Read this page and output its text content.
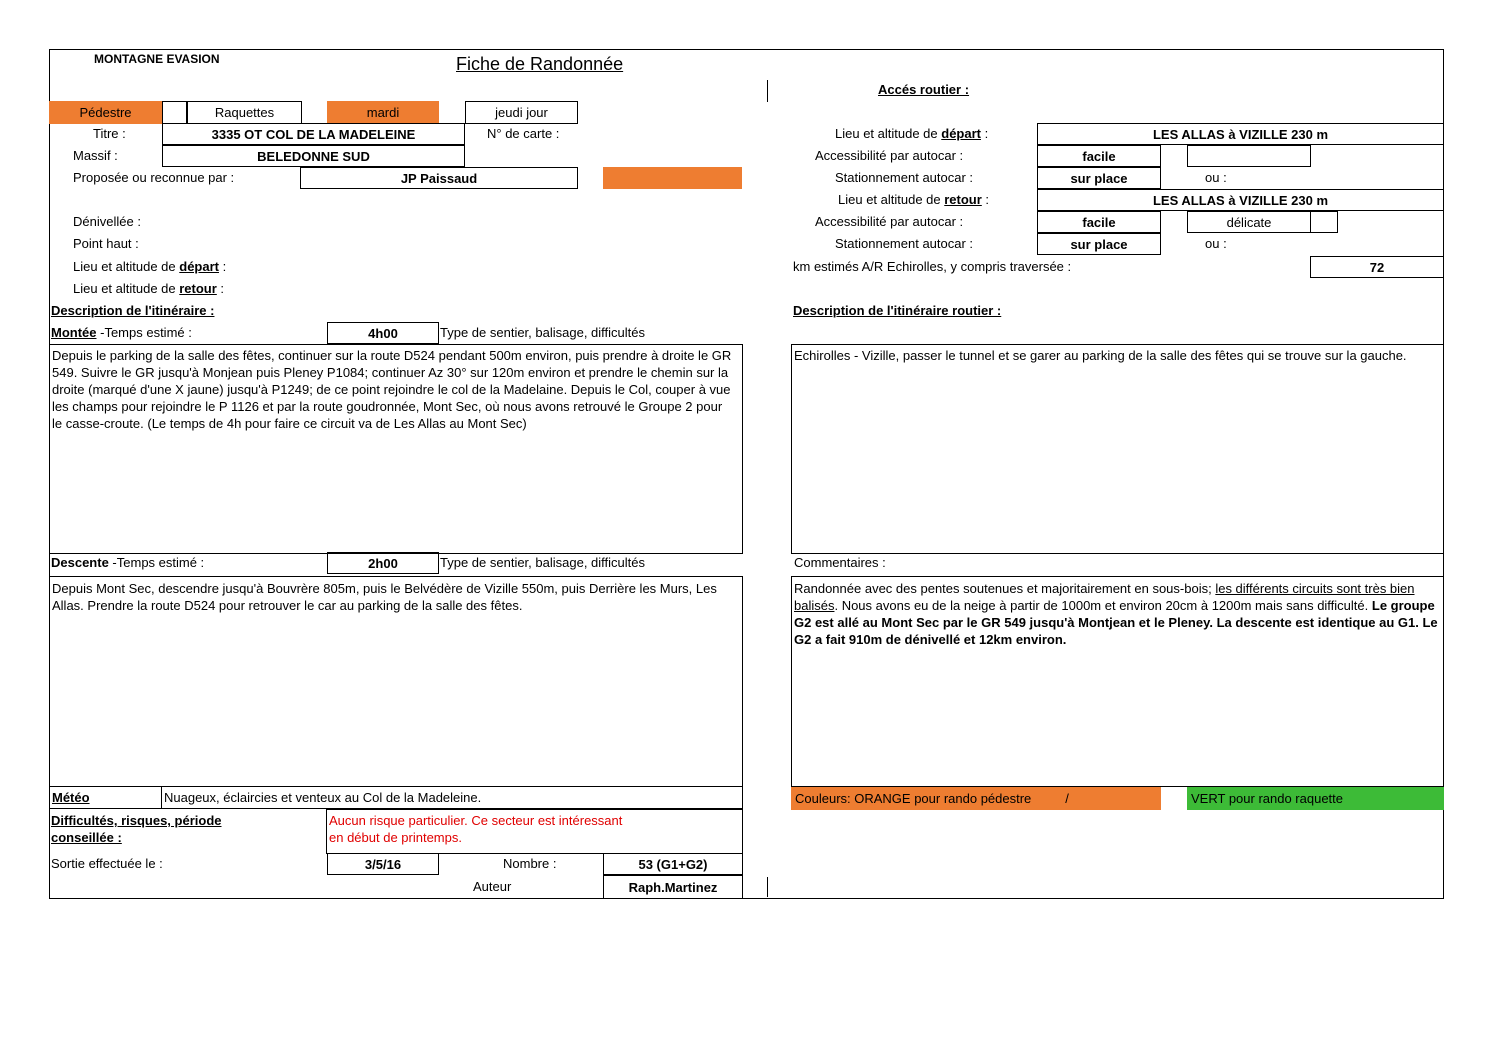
MONTAGNE EVASION	Fiche de Randonnée
Accés routier :
Pédestre	Raquettes	mardi	jeudi jour
Titre :	3335 OT COL DE LA MADELEINE	N° de carte :
Massif :	BELEDONNE SUD
Proposée ou reconnue par :	JP Paissaud
Dénivellée :
Point haut :
Lieu et altitude de départ :
Lieu et altitude de retour :
Lieu et altitude de départ :	LES ALLAS à VIZILLE 230 m
Accessibilité par autocar :	facile
Stationnement autocar :	sur place	ou :
Lieu et altitude de retour :	LES ALLAS à VIZILLE 230 m
Accessibilité par autocar :	facile	délicate
Stationnement autocar :	sur place	ou :
km estimés A/R Echirolles, y compris traversée :	72
Description de l'itinéraire :	Description de l'itinéraire routier :
Montée -Temps estimé :	4h00	Type de sentier, balisage, difficultés
Depuis le parking de la salle des fêtes, continuer sur la route D524 pendant 500m environ, puis prendre à droite le GR 549. Suivre le GR jusqu'à Monjean puis Pleney P1084; continuer Az 30° sur 120m environ et prendre le chemin sur la droite (marqué d'une X jaune) jusqu'à P1249; de ce point rejoindre le col de la Madelaine. Depuis le Col, couper à vue les champs pour rejoindre le P 1126 et par la route goudronnée, Mont Sec, où nous avons retrouvé le Groupe 2 pour le casse-croute. (Le temps de 4h pour faire ce circuit va de Les Allas au Mont Sec)
Echirolles - Vizille, passer le tunnel et se garer au parking de la salle des fêtes qui se trouve sur la gauche.
Descente -Temps estimé :	2h00	Type de sentier, balisage, difficultés	Commentaires :
Depuis Mont Sec, descendre jusqu'à Bouvrère 805m, puis le Belvédère de Vizille 550m, puis Derrière les Murs, Les Allas. Prendre la route D524 pour retrouver le car au parking de la salle des fêtes.
Randonnée avec des pentes soutenues et majoritairement en sous-bois; les différents circuits sont très bien balisés. Nous avons eu de la neige à partir de 1000m et environ 20cm à 1200m mais sans difficulté. Le groupe G2 est allé au Mont Sec par le GR 549 jusqu'à Montjean et le Pleney. La descente est identique au G1. Le G2 a fait 910m de dénivellé et 12km environ.
Météo	Nuageux, éclaircies et venteux au Col de la Madeleine.	Couleurs: ORANGE pour rando pédestre	/	VERT pour rando raquette
Difficultés, risques, période
conseillée :
Aucun risque particulier. Ce secteur est intéressant
en début de printemps.
Sortie effectuée le :	3/5/16	Nombre :	53 (G1+G2)
Auteur	Raph.Martinez
